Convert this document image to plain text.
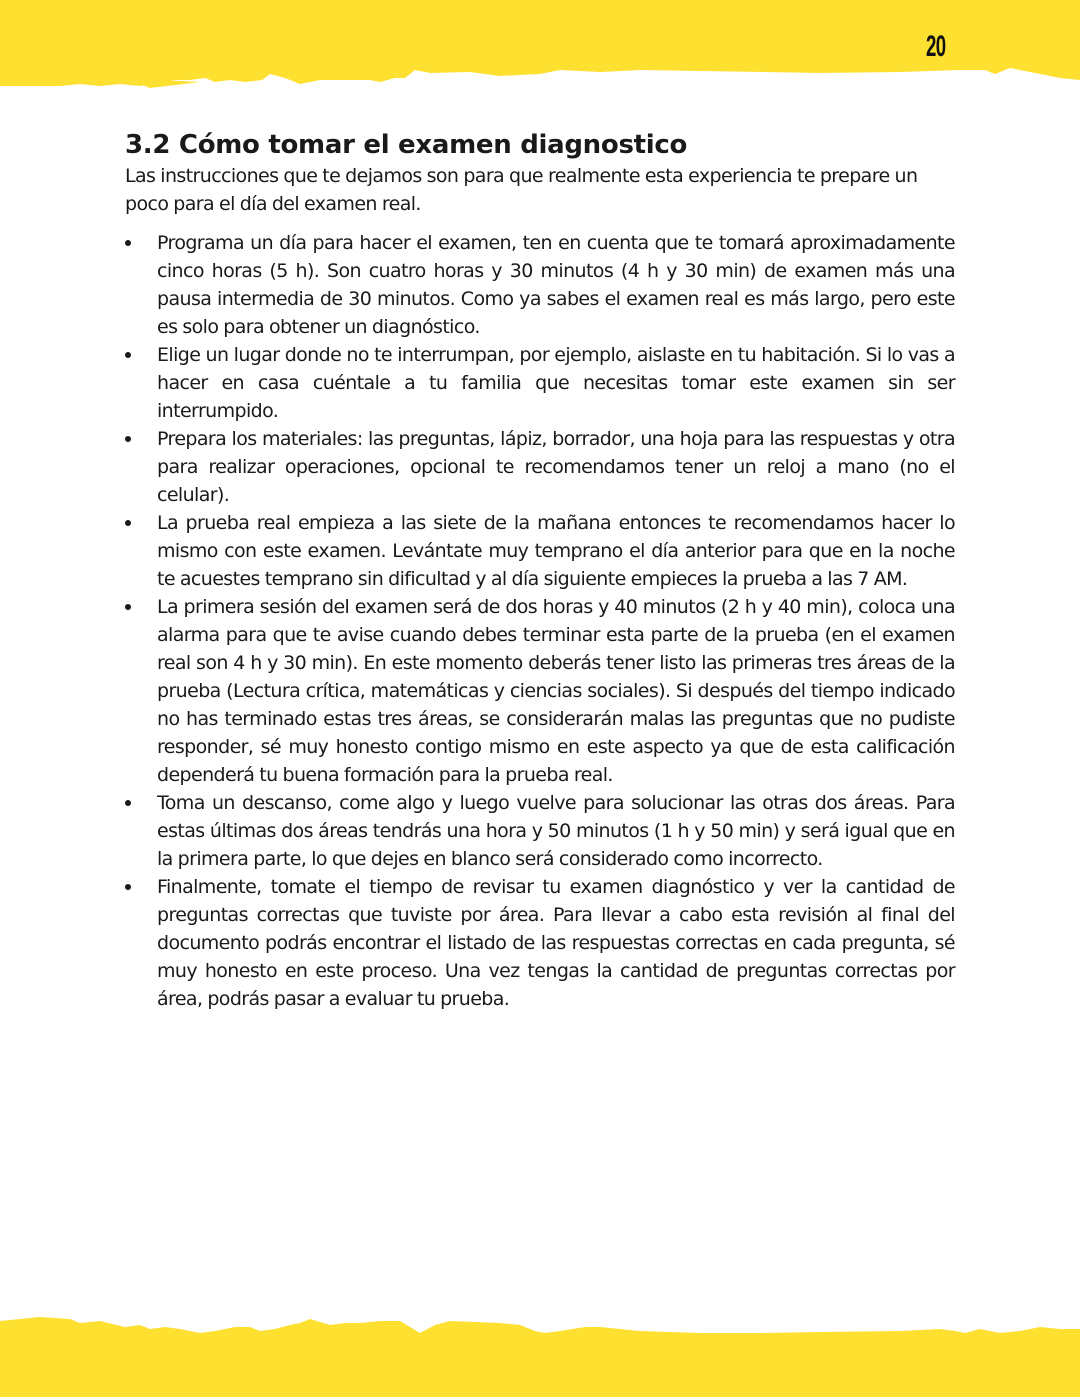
20
3.2 Cómo tomar el examen diagnostico

Las instrucciones que te dejamos son para que realmente esta experiencia te prepare un poco para el día del examen real.

Programa un día para hacer el examen, ten en cuenta que te tomará aproximadamente cinco horas (5 h). Son cuatro horas y 30 minutos (4 h y 30 min) de examen más una pausa intermedia de 30 minutos. Como ya sabes el examen real es más largo, pero este es solo para obtener un diagnóstico.
Elige un lugar donde no te interrumpan, por ejemplo, aislaste en tu habitación. Si lo vas a hacer en casa cuéntale a tu familia que necesitas tomar este examen sin ser interrumpido.
Prepara los materiales: las preguntas, lápiz, borrador, una hoja para las respuestas y otra para realizar operaciones, opcional te recomendamos tener un reloj a mano (no el celular).
La prueba real empieza a las siete de la mañana entonces te recomendamos hacer lo mismo con este examen. Levántate muy temprano el día anterior para que en la noche te acuestes temprano sin dificultad y al día siguiente empieces la prueba a las 7 AM.
La primera sesión del examen será de dos horas y 40 minutos (2 h y 40 min), coloca una alarma para que te avise cuando debes terminar esta parte de la prueba (en el examen real son 4 h y 30 min). En este momento deberás tener listo las primeras tres áreas de la prueba (Lectura crítica, matemáticas y ciencias sociales). Si después del tiempo indicado no has terminado estas tres áreas, se considerarán malas las preguntas que no pudiste responder, sé muy honesto contigo mismo en este aspecto ya que de esta calificación dependerá tu buena formación para la prueba real.
Toma un descanso, come algo y luego vuelve para solucionar las otras dos áreas. Para estas últimas dos áreas tendrás una hora y 50 minutos (1 h y 50 min) y será igual que en la primera parte, lo que dejes en blanco será considerado como incorrecto.
Finalmente, tomate el tiempo de revisar tu examen diagnóstico y ver la cantidad de preguntas correctas que tuviste por área. Para llevar a cabo esta revisión al final del documento podrás encontrar el listado de las respuestas correctas en cada pregunta, sé muy honesto en este proceso. Una vez tengas la cantidad de preguntas correctas por área, podrás pasar a evaluar tu prueba.
